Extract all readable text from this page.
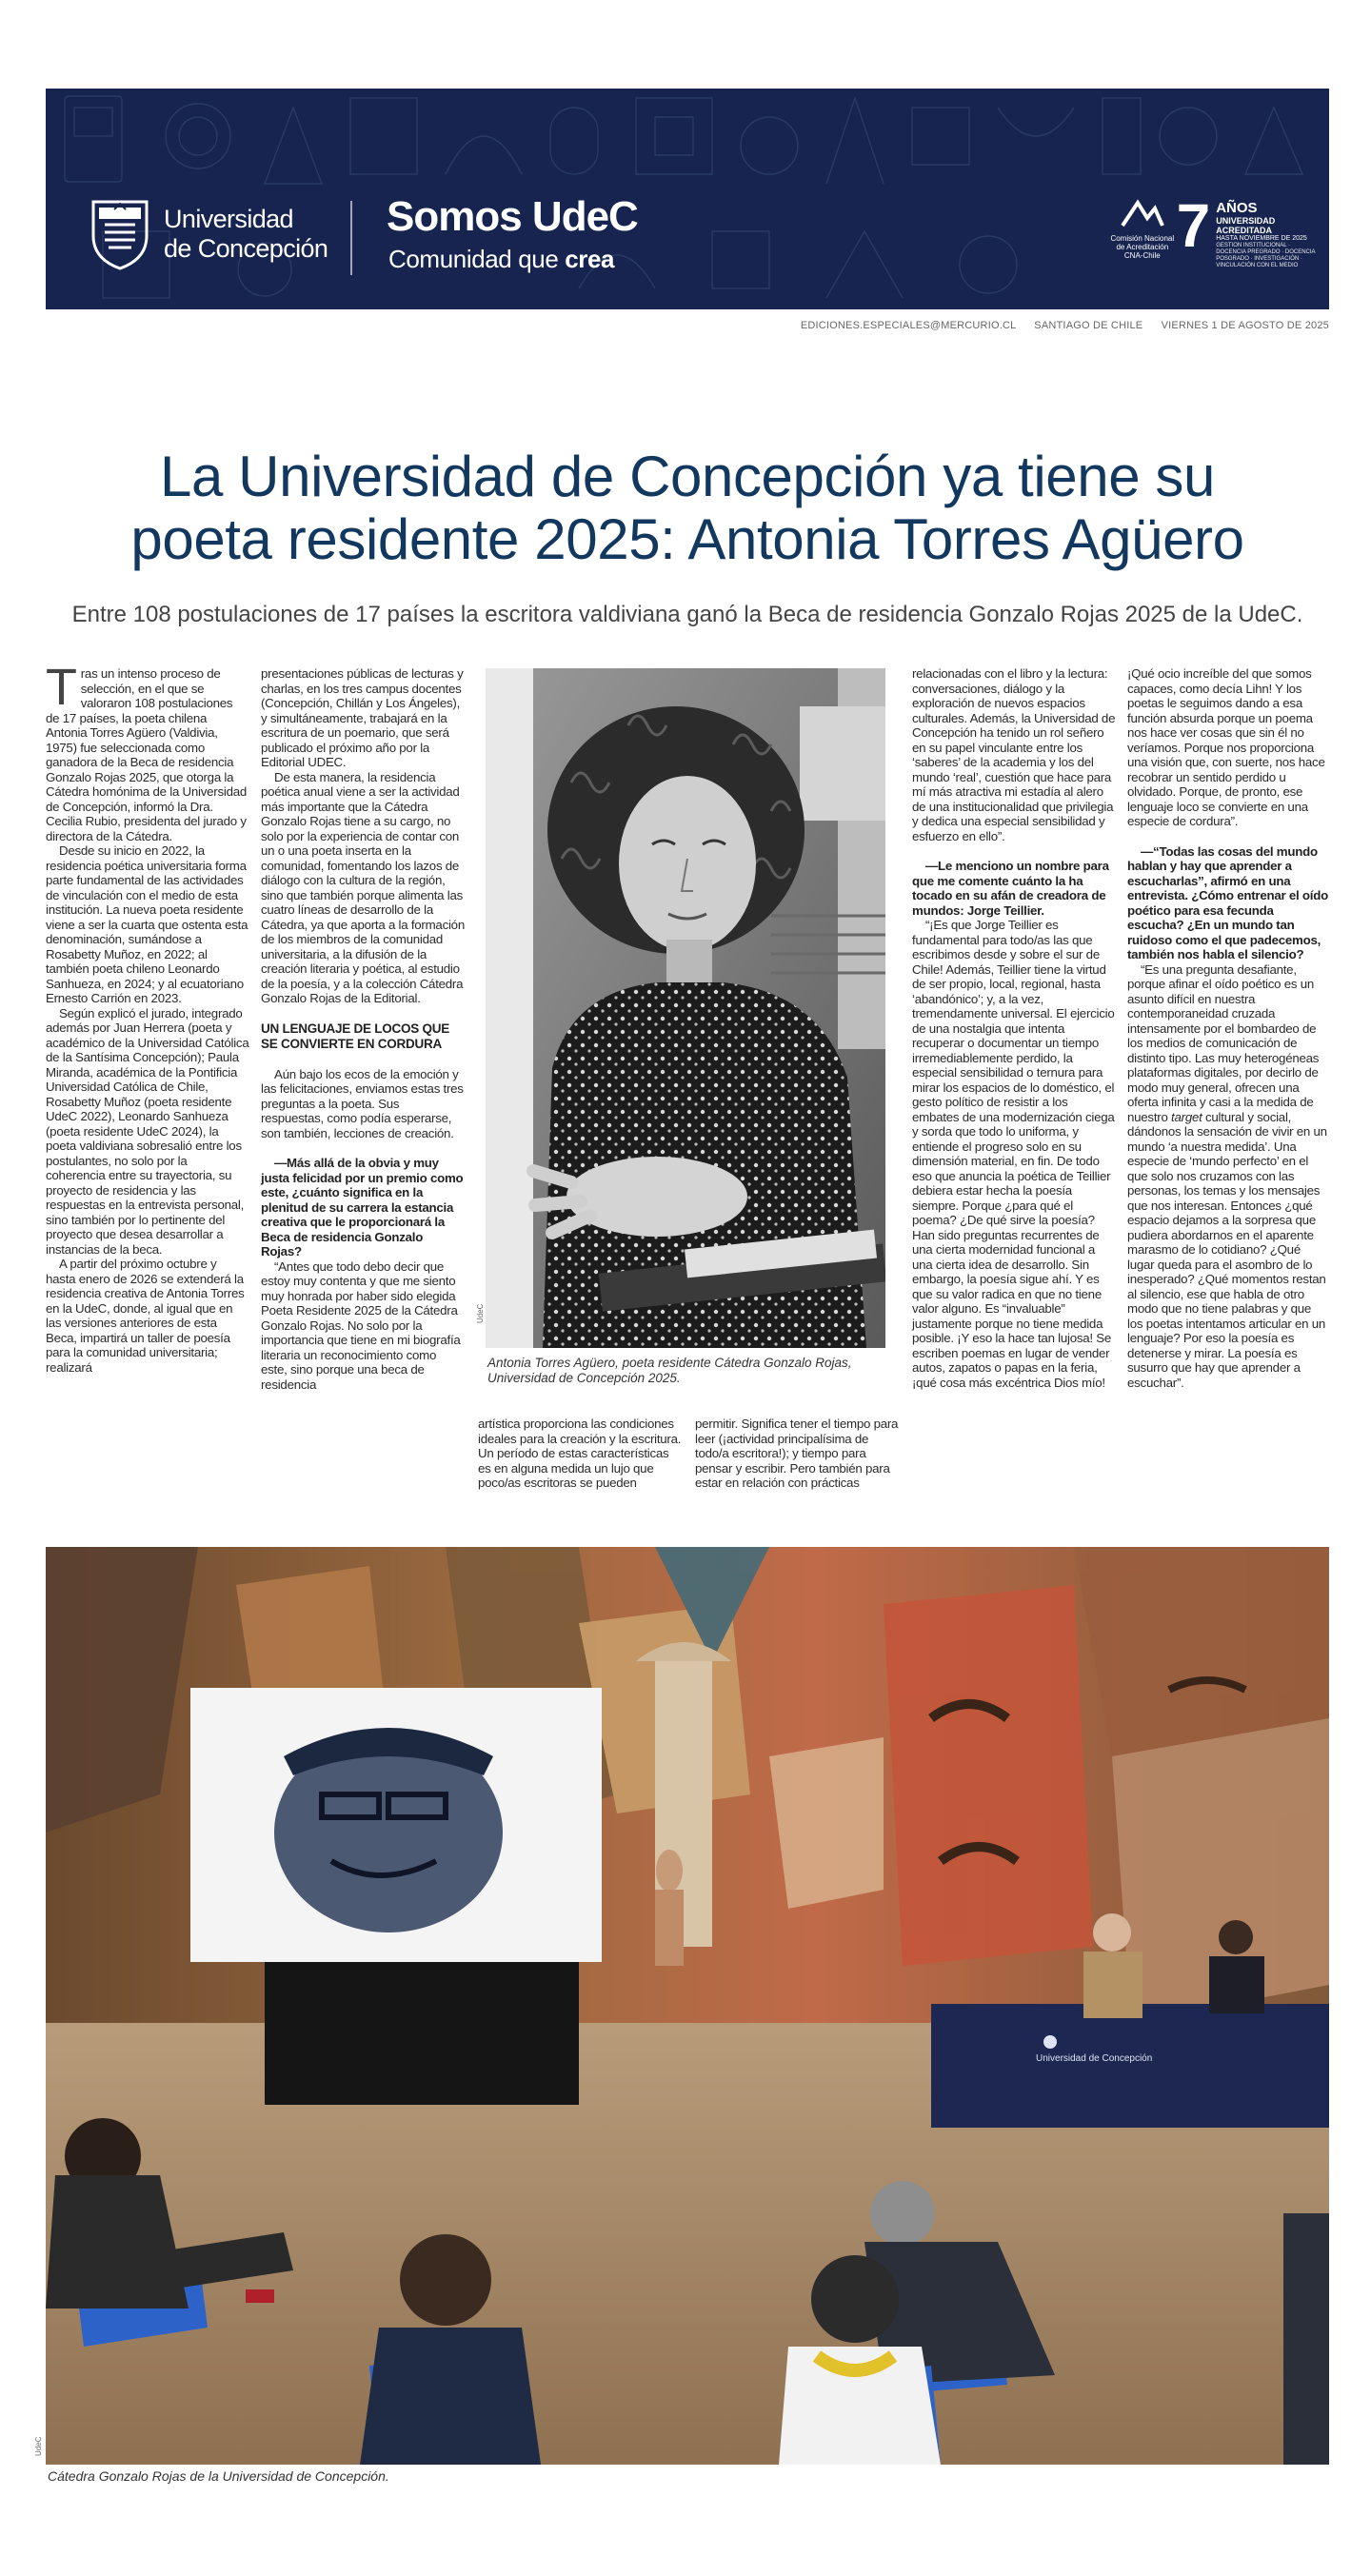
Universidad
de Concepción
Somos UdeC
Comunidad que crea
Comisión Nacional
de Acreditación
CNA-Chile 7 AÑOS
UNIVERSIDAD ACREDITADA
HASTA NOVIEMBRE DE 2025
GESTIÓN INSTITUCIONAL · DOCENCIA PREGRADO · DOCENCIA POSGRADO · INVESTIGACIÓN · VINCULACIÓN CON EL MEDIO
EDICIONES.ESPECIALES@MERCURIO.CL SANTIAGO DE CHILE VIERNES 1 DE AGOSTO DE 2025
La Universidad de Concepción ya tiene su
poeta residente 2025: Antonia Torres Agüero
Entre 108 postulaciones de 17 países la escritora valdiviana ganó la Beca de residencia Gonzalo Rojas 2025 de la UdeC.

Tras un intenso proceso de selección, en el que se valoraron 108 postulaciones de 17 países, la poeta chilena Antonia Torres Agüero (Valdivia, 1975) fue seleccionada como ganadora de la Beca de residencia Gonzalo Rojas 2025, que otorga la Cátedra homónima de la Universidad de Concepción, informó la Dra. Cecilia Rubio, presidenta del jurado y directora de la Cátedra.

Desde su inicio en 2022, la residencia poética universitaria forma parte fundamental de las actividades de vinculación con el medio de esta institución. La nueva poeta residente viene a ser la cuarta que ostenta esta denominación, sumándose a Rosabetty Muñoz, en 2022; al también poeta chileno Leonardo Sanhueza, en 2024; y al ecuatoriano Ernesto Carrión en 2023.

Según explicó el jurado, integrado además por Juan Herrera (poeta y académico de la Universidad Católica de la Santísima Concepción); Paula Miranda, académica de la Pontificia Universidad Católica de Chile, Rosabetty Muñoz (poeta residente UdeC 2022), Leonardo Sanhueza (poeta residente UdeC 2024), la poeta valdiviana sobresalió entre los postulantes, no solo por la coherencia entre su trayectoria, su proyecto de residencia y las respuestas en la entrevista personal, sino también por lo pertinente del proyecto que desea desarrollar a instancias de la beca.

A partir del próximo octubre y hasta enero de 2026 se extenderá la residencia creativa de Antonia Torres en la UdeC, donde, al igual que en las versiones anteriores de esta Beca, impartirá un taller de poesía para la comunidad universitaria; realizará

presentaciones públicas de lecturas y charlas, en los tres campus docentes (Concepción, Chillán y Los Ángeles), y simultáneamente, trabajará en la escritura de un poemario, que será publicado el próximo año por la Editorial UDEC.

De esta manera, la residencia poética anual viene a ser la actividad más importante que la Cátedra Gonzalo Rojas tiene a su cargo, no solo por la experiencia de contar con un o una poeta inserta en la comunidad, fomentando los lazos de diálogo con la cultura de la región, sino que también porque alimenta las cuatro líneas de desarrollo de la Cátedra, ya que aporta a la formación de los miembros de la comunidad universitaria, a la difusión de la creación literaria y poética, al estudio de la poesía, y a la colección Cátedra Gonzalo Rojas de la Editorial.

UN LENGUAJE DE LOCOS QUE SE CONVIERTE EN CORDURA

Aún bajo los ecos de la emoción y las felicitaciones, enviamos estas tres preguntas a la poeta. Sus respuestas, como podía esperarse, son también, lecciones de creación.

—Más allá de la obvia y muy justa felicidad por un premio como este, ¿cuánto significa en la plenitud de su carrera la estancia creativa que le proporcionará la Beca de residencia Gonzalo Rojas?

“Antes que todo debo decir que estoy muy contenta y que me siento muy honrada por haber sido elegida Poeta Residente 2025 de la Cátedra Gonzalo Rojas. No solo por la importancia que tiene en mi biografía literaria un reconocimiento como este, sino porque una beca de residencia

UdeC
Antonia Torres Agüero, poeta residente Cátedra Gonzalo Rojas, Universidad de Concepción 2025.

artística proporciona las condiciones ideales para la creación y la escritura. Un período de estas características es en alguna medida un lujo que poco/as escritoras se pueden

permitir. Significa tener el tiempo para leer (¡actividad principalísima de todo/a escritora!); y tiempo para pensar y escribir. Pero también para estar en relación con prácticas

relacionadas con el libro y la lectura: conversaciones, diálogo y la exploración de nuevos espacios culturales. Además, la Universidad de Concepción ha tenido un rol señero en su papel vinculante entre los ‘saberes’ de la academia y los del mundo ‘real’, cuestión que hace para mí más atractiva mi estadía al alero de una institucionalidad que privilegia y dedica una especial sensibilidad y esfuerzo en ello”.

—Le menciono un nombre para que me comente cuánto la ha tocado en su afán de creadora de mundos: Jorge Teillier.

“¡Es que Jorge Teillier es fundamental para todo/as las que escribimos desde y sobre el sur de Chile! Además, Teillier tiene la virtud de ser propio, local, regional, hasta ‘abandónico’; y, a la vez, tremendamente universal. El ejercicio de una nostalgia que intenta recuperar o documentar un tiempo irremediablemente perdido, la especial sensibilidad o ternura para mirar los espacios de lo doméstico, el gesto político de resistir a los embates de una modernización ciega y sorda que todo lo uniforma, y entiende el progreso solo en su dimensión material, en fin. De todo eso que anuncia la poética de Teillier debiera estar hecha la poesía siempre. Porque ¿para qué el poema? ¿De qué sirve la poesía? Han sido preguntas recurrentes de una cierta modernidad funcional a una cierta idea de desarrollo. Sin embargo, la poesía sigue ahí. Y es que su valor radica en que no tiene valor alguno. Es “invaluable” justamente porque no tiene medida posible. ¡Y eso la hace tan lujosa! Se escriben poemas en lugar de vender autos, zapatos o papas en la feria, ¡qué cosa más excéntrica Dios mío!

¡Qué ocio increíble del que somos capaces, como decía Lihn! Y los poetas le seguimos dando a esa función absurda porque un poema nos hace ver cosas que sin él no veríamos. Porque nos proporciona una visión que, con suerte, nos hace recobrar un sentido perdido u olvidado. Porque, de pronto, ese lenguaje loco se convierte en una especie de cordura”.

—“Todas las cosas del mundo hablan y hay que aprender a escucharlas”, afirmó en una entrevista. ¿Cómo entrenar el oído poético para esa fecunda escucha? ¿En un mundo tan ruidoso como el que padecemos, también nos habla el silencio?

“Es una pregunta desafiante, porque afinar el oído poético es un asunto difícil en nuestra contemporaneidad cruzada intensamente por el bombardeo de los medios de comunicación de distinto tipo. Las muy heterogéneas plataformas digitales, por decirlo de modo muy general, ofrecen una oferta infinita y casi a la medida de nuestro target cultural y social, dándonos la sensación de vivir en un mundo ‘a nuestra medida’. Una especie de ‘mundo perfecto’ en el que solo nos cruzamos con las personas, los temas y los mensajes que nos interesan. Entonces ¿qué espacio dejamos a la sorpresa que pudiera abordarnos en el aparente marasmo de lo cotidiano? ¿Qué lugar queda para el asombro de lo inesperado? ¿Qué momentos restan al silencio, ese que habla de otro modo que no tiene palabras y que los poetas intentamos articular en un lenguaje? Por eso la poesía es detenerse y mirar. La poesía es susurro que hay que aprender a escuchar”.

Universidad de Concepción
UdeC
Cátedra Gonzalo Rojas de la Universidad de Concepción.
